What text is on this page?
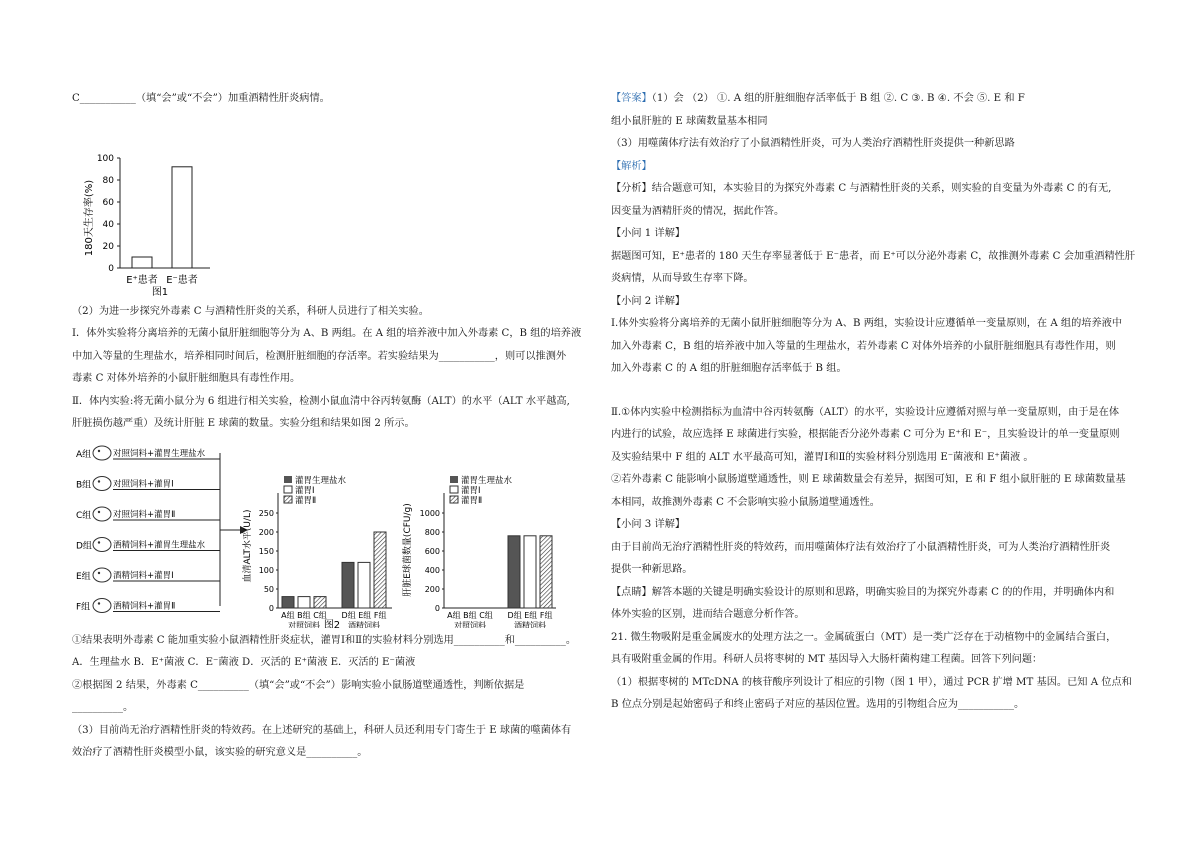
C___________（填“会”或“不会”）加重酒精性肝炎病情。

100
80
60
40
20
0
180天生存率(%)
E⁺患者 E⁻患者
图1

（2）为进一步探究外毒素 C 与酒精性肝炎的关系，科研人员进行了相关实验。

I．体外实验将分离培养的无菌小鼠肝脏细胞等分为 A、B 两组。在 A 组的培养液中加入外毒素 C，B 组的培养液

中加入等量的生理盐水，培养相同时间后，检测肝脏细胞的存活率。若实验结果为___________，则可以推测外

毒素 C 对体外培养的小鼠肝脏细胞具有毒性作用。

Ⅱ．体内实验:将无菌小鼠分为 6 组进行相关实验，检测小鼠血清中谷丙转氨酶（ALT）的水平（ALT 水平越高,

肝脏损伤越严重）及统计肝脏 E 球菌的数量。实验分组和结果如图 2 所示。

A组	对照饲料+灌胃生理盐水
B组	对照饲料+灌胃Ⅰ
C组	对照饲料+灌胃Ⅱ
D组 酒精饲料+灌胃生理盐水
E组	酒精饲料+灌胃Ⅰ
F组	酒精饲料+灌胃Ⅱ
血清ALT水平(U/L) 250
200
150
100
50
0
灌胃生理盐水
灌胃Ⅰ
灌胃Ⅱ
A组 B组 C组 D组 E组 F组
对照饲料	酒精饲料
肝脏E球菌数量(CFU/g) 1000
800
600
400
200
0
灌胃生理盐水
灌胃Ⅰ
灌胃Ⅱ
A组 B组 C组 D组 E组 F组
对照饲料	酒精饲料
图2

①结果表明外毒素 C 能加重实验小鼠酒精性肝炎症状，灌胃Ⅰ和Ⅱ的实验材料分别选用__________和__________。

A．生理盐水 B．E⁺菌液 C．E⁻菌液 D．灭活的 E⁺菌液 E．灭活的 E⁻菌液

②根据图 2 结果，外毒素 C__________（填“会”或“不会”）影响实验小鼠肠道壁通透性，判断依据是

__________。

（3）目前尚无治疗酒精性肝炎的特效药。在上述研究的基础上，科研人员还利用专门寄生于 E 球菌的噬菌体有

效治疗了酒精性肝炎模型小鼠，该实验的研究意义是__________。

【答案】（1）会 （2） ①. A 组的肝脏细胞存活率低于 B 组 ②. C ③. B ④. 不会 ⑤. E 和 F

组小鼠肝脏的 E 球菌数量基本相同

（3）用噬菌体疗法有效治疗了小鼠酒精性肝炎，可为人类治疗酒精性肝炎提供一种新思路

【解析】

【分析】结合题意可知，本实验目的为探究外毒素 C 与酒精性肝炎的关系，则实验的自变量为外毒素 C 的有无,

因变量为酒精肝炎的情况，据此作答。

【小问 1 详解】

据题图可知，E⁺患者的 180 天生存率显著低于 E⁻患者，而 E⁺可以分泌外毒素 C，故推测外毒素 C 会加重酒精性肝

炎病情，从而导致生存率下降。

【小问 2 详解】

Ⅰ.体外实验将分离培养的无菌小鼠肝脏细胞等分为 A、B 两组，实验设计应遵循单一变量原则，在 A 组的培养液中

加入外毒素 C，B 组的培养液中加入等量的生理盐水，若外毒素 C 对体外培养的小鼠肝脏细胞具有毒性作用，则

加入外毒素 C 的 A 组的肝脏细胞存活率低于 B 组。

Ⅱ.①体内实验中检测指标为血清中谷丙转氨酶（ALT）的水平，实验设计应遵循对照与单一变量原则，由于是在体

内进行的试验，故应选择 E 球菌进行实验，根据能否分泌外毒素 C 可分为 E⁺和 E⁻，且实验设计的单一变量原则

及实验结果中 F 组的 ALT 水平最高可知，灌胃Ⅰ和Ⅱ的实验材料分别选用 E⁻菌液和 E⁺菌液 。

②若外毒素 C 能影响小鼠肠道壁通透性，则 E 球菌数量会有差异，据图可知，E 和 F 组小鼠肝脏的 E 球菌数量基

本相同，故推测外毒素 C 不会影响实验小鼠肠道壁通透性。

【小问 3 详解】

由于目前尚无治疗酒精性肝炎的特效药，而用噬菌体疗法有效治疗了小鼠酒精性肝炎，可为人类治疗酒精性肝炎

提供一种新思路。

【点睛】解答本题的关键是明确实验设计的原则和思路，明确实验目的为探究外毒素 C 的的作用，并明确体内和

体外实验的区别，进而结合题意分析作答。

21. 微生物吸附是重金属废水的处理方法之一。金属硫蛋白（MT）是一类广泛存在于动植物中的金属结合蛋白，

具有吸附重金属的作用。科研人员将枣树的 MT 基因导入大肠杆菌构建工程菌。回答下列问题：

（1）根据枣树的 MTcDNA 的核苷酸序列设计了相应的引物（图 1 甲），通过 PCR 扩增 MT 基因。已知 A 位点和

B 位点分别是起始密码子和终止密码子对应的基因位置。选用的引物组合应为___________。
